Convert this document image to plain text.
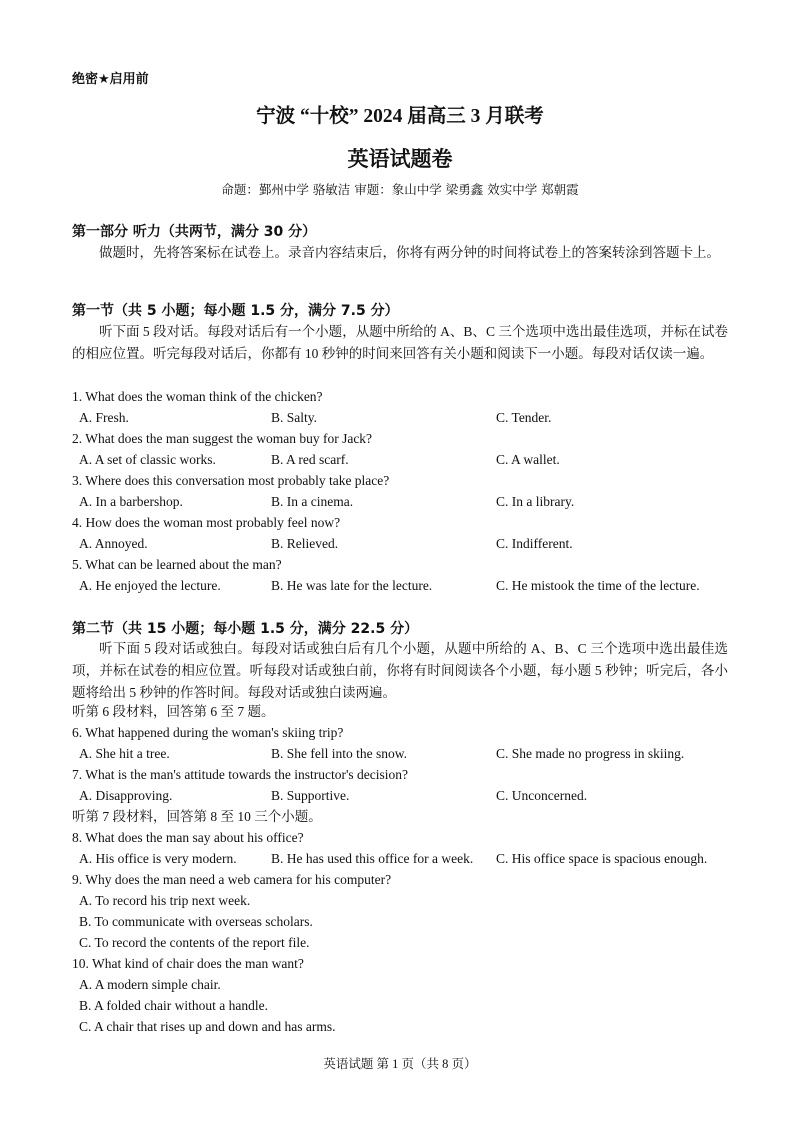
绝密★启用前
宁波 “十校” 2024 届高三 3 月联考
英语试题卷
命题：鄞州中学 骆敏洁 审题：象山中学 梁勇鑫 效实中学 郑朝霞
第一部分 听力（共两节，满分 30 分）
做题时，先将答案标在试卷上。录音内容结束后，你将有两分钟的时间将试卷上的答案转涂到答题卡上。
第一节（共 5 小题；每小题 1.5 分，满分 7.5 分）
听下面 5 段对话。每段对话后有一个小题，从题中所给的 A、B、C 三个选项中选出最佳选项，并标在试卷的相应位置。听完每段对话后，你都有 10 秒钟的时间来回答有关小题和阅读下一小题。每段对话仅读一遍。
1. What does the woman think of the chicken?
A. Fresh.	B. Salty.	C. Tender.
2. What does the man suggest the woman buy for Jack?
A. A set of classic works.	B. A red scarf.	C. A wallet.
3. Where does this conversation most probably take place?
A. In a barbershop.	B. In a cinema.	C. In a library.
4. How does the woman most probably feel now?
A. Annoyed.	B. Relieved.	C. Indifferent.
5. What can be learned about the man?
A. He enjoyed the lecture.	B. He was late for the lecture.	C. He mistook the time of the lecture.
第二节（共 15 小题；每小题 1.5 分，满分 22.5 分）
听下面 5 段对话或独白。每段对话或独白后有几个小题，从题中所给的 A、B、C 三个选项中选出最佳选项，并标在试卷的相应位置。听每段对话或独白前，你将有时间阅读各个小题，每小题 5 秒钟；听完后，各小题将给出 5 秒钟的作答时间。每段对话或独白读两遍。
听第 6 段材料，回答第 6 至 7 题。
6. What happened during the woman's skiing trip?
A. She hit a tree.	B. She fell into the snow.	C. She made no progress in skiing.
7. What is the man's attitude towards the instructor's decision?
A. Disapproving.	B. Supportive.	C. Unconcerned.
听第 7 段材料，回答第 8 至 10 三个小题。
8. What does the man say about his office?
A. His office is very modern.	B. He has used this office for a week. C. His office space is spacious enough.
9. Why does the man need a web camera for his computer?
A. To record his trip next week.
B. To communicate with overseas scholars.
C. To record the contents of the report file.
10. What kind of chair does the man want?
A. A modern simple chair.
B. A folded chair without a handle.
C. A chair that rises up and down and has arms.
英语试题 第 1 页（共 8 页）
